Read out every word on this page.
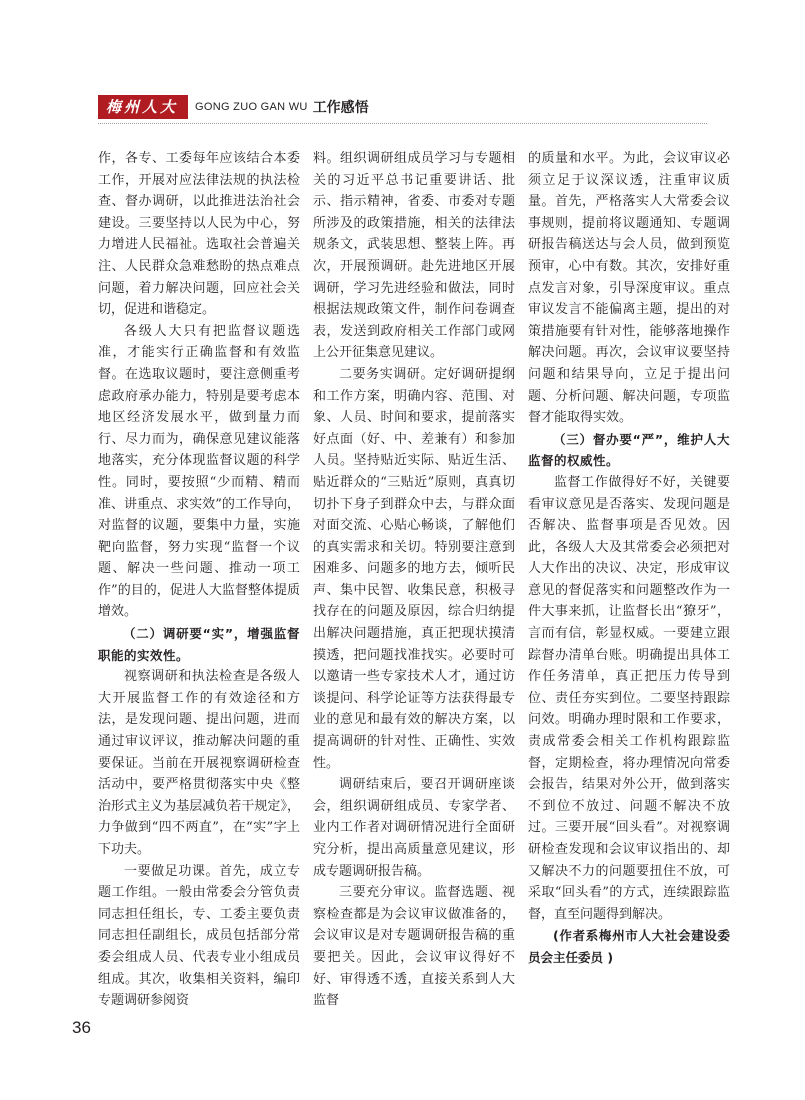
梅州人大	GONG ZUO GAN WU 工作感悟

作，各专、工委每年应该结合本委工作，开展对应法律法规的执法检查、督办调研，以此推进法治社会建设。三要坚持以人民为中心，努力增进人民福祉。选取社会普遍关注、人民群众急难愁盼的热点难点问题，着力解决问题，回应社会关切，促进和谐稳定。

各级人大只有把监督议题选准，才能实行正确监督和有效监督。在选取议题时，要注意侧重考虑政府承办能力，特别是要考虑本地区经济发展水平，做到量力而行、尽力而为，确保意见建议能落地落实，充分体现监督议题的科学性。同时，要按照“少而精、精而准、讲重点、求实效”的工作导向，对监督的议题，要集中力量，实施靶向监督，努力实现“监督一个议题、解决一些问题、推动一项工作”的目的，促进人大监督整体提质增效。

（二）调研要“实”，增强监督职能的实效性。

视察调研和执法检查是各级人大开展监督工作的有效途径和方法，是发现问题、提出问题，进而通过审议评议，推动解决问题的重要保证。当前在开展视察调研检查活动中，要严格贯彻落实中央《整治形式主义为基层减负若干规定》，力争做到“四不两直”，在“实”字上下功夫。

一要做足功课。首先，成立专题工作组。一般由常委会分管负责同志担任组长，专、工委主要负责同志担任副组长，成员包括部分常委会组成人员、代表专业小组成员组成。其次，收集相关资料，编印专题调研参阅资

料。组织调研组成员学习与专题相关的习近平总书记重要讲话、批示、指示精神，省委、市委对专题所涉及的政策措施，相关的法律法规条文，武装思想、整装上阵。再次，开展预调研。赴先进地区开展调研，学习先进经验和做法，同时根据法规政策文件，制作问卷调查表，发送到政府相关工作部门或网上公开征集意见建议。

二要务实调研。定好调研提纲和工作方案，明确内容、范围、对象、人员、时间和要求，提前落实好点面（好、中、差兼有）和参加人员。坚持贴近实际、贴近生活、贴近群众的“三贴近”原则，真真切切扑下身子到群众中去，与群众面对面交流、心贴心畅谈，了解他们的真实需求和关切。特别要注意到困难多、问题多的地方去，倾听民声、集中民智、收集民意，积极寻找存在的问题及原因，综合归纳提出解决问题措施，真正把现状摸清摸透，把问题找准找实。必要时可以邀请一些专家技术人才，通过访谈提问、科学论证等方法获得最专业的意见和最有效的解决方案，以提高调研的针对性、正确性、实效性。

调研结束后，要召开调研座谈会，组织调研组成员、专家学者、业内工作者对调研情况进行全面研究分析，提出高质量意见建议，形成专题调研报告稿。

三要充分审议。监督选题、视察检查都是为会议审议做准备的，会议审议是对专题调研报告稿的重要把关。因此，会议审议得好不好、审得透不透，直接关系到人大监督

的质量和水平。为此，会议审议必须立足于议深议透，注重审议质量。首先，严格落实人大常委会议事规则，提前将议题通知、专题调研报告稿送达与会人员，做到预览预审，心中有数。其次，安排好重点发言对象，引导深度审议。重点审议发言不能偏离主题，提出的对策措施要有针对性，能够落地操作解决问题。再次，会议审议要坚持问题和结果导向，立足于提出问题、分析问题、解决问题，专项监督才能取得实效。

（三）督办要“严”，维护人大监督的权威性。

监督工作做得好不好，关键要看审议意见是否落实、发现问题是否解决、监督事项是否见效。因此，各级人大及其常委会必须把对人大作出的决议、决定，形成审议意见的督促落实和问题整改作为一件大事来抓，让监督长出“獠牙”，言而有信，彰显权威。一要建立跟踪督办清单台账。明确提出具体工作任务清单，真正把压力传导到位、责任夯实到位。二要坚持跟踪问效。明确办理时限和工作要求，责成常委会相关工作机构跟踪监督，定期检查，将办理情况向常委会报告，结果对外公开，做到落实不到位不放过、问题不解决不放过。三要开展“回头看”。对视察调研检查发现和会议审议指出的、却又解决不力的问题要扭住不放，可采取“回头看”的方式，连续跟踪监督，直至问题得到解决。

(作者系梅州市人大社会建设委员会主任委员 )

36
